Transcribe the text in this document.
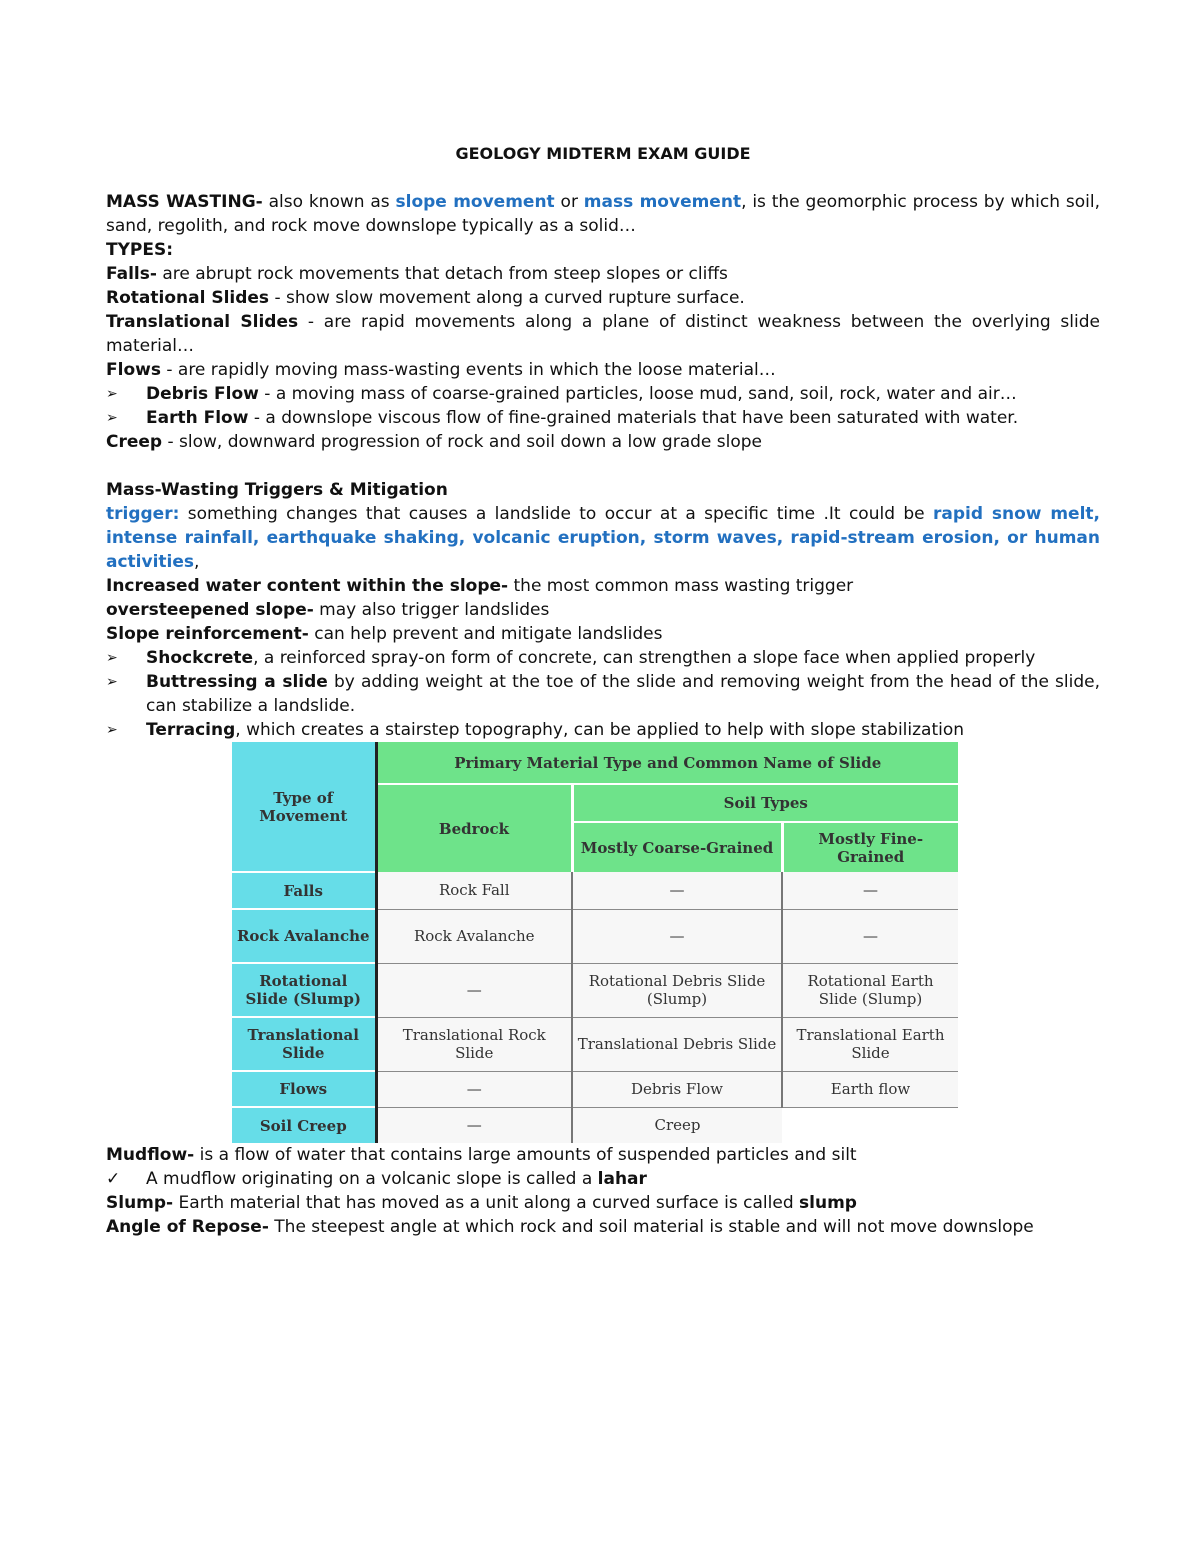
GEOLOGY MIDTERM EXAM GUIDE

MASS WASTING- also known as slope movement or mass movement, is the geomorphic process by which soil, sand, regolith, and rock move downslope typically as a solid…

TYPES:

Falls- are abrupt rock movements that detach from steep slopes or cliffs

Rotational Slides - show slow movement along a curved rupture surface.

Translational Slides - are rapid movements along a plane of distinct weakness between the overlying slide material…

Flows - are rapidly moving mass-wasting events in which the loose material…

➢	Debris Flow - a moving mass of coarse-grained particles, loose mud, sand, soil, rock, water and air…
➢	Earth Flow - a downslope viscous flow of fine-grained materials that have been saturated with water.

Creep - slow, downward progression of rock and soil down a low grade slope

Mass-Wasting Triggers & Mitigation

trigger: something changes that causes a landslide to occur at a specific time .It could be rapid snow melt, intense rainfall, earthquake shaking, volcanic eruption, storm waves, rapid-stream erosion, or human activities,

Increased water content within the slope- the most common mass wasting trigger

oversteepened slope- may also trigger landslides

Slope reinforcement- can help prevent and mitigate landslides

➢	Shockcrete, a reinforced spray-on form of concrete, can strengthen a slope face when applied properly
➢	Buttressing a slide by adding weight at the toe of the slide and removing weight from the head of the slide, can stabilize a landslide.
➢	Terracing, which creates a stairstep topography, can be applied to help with slope stabilization
Type of Movement	Primary Material Type and Common Name of Slide		
	Bedrock	Soil Types	
		Mostly Coarse-Grained	Mostly Fine-Grained
Falls	Rock Fall	—	—
Rock Avalanche	Rock Avalanche	—	—
Rotational Slide (Slump)	—	Rotational Debris Slide (Slump)	Rotational Earth Slide (Slump)
Translational Slide	Translational Rock Slide	Translational Debris Slide	Translational Earth Slide
Flows	—	Debris Flow	Earth flow
Soil Creep	—	Creep	

Mudflow- is a flow of water that contains large amounts of suspended particles and silt

✓	A mudflow originating on a volcanic slope is called a lahar

Slump- Earth material that has moved as a unit along a curved surface is called slump

Angle of Repose- The steepest angle at which rock and soil material is stable and will not move downslope
